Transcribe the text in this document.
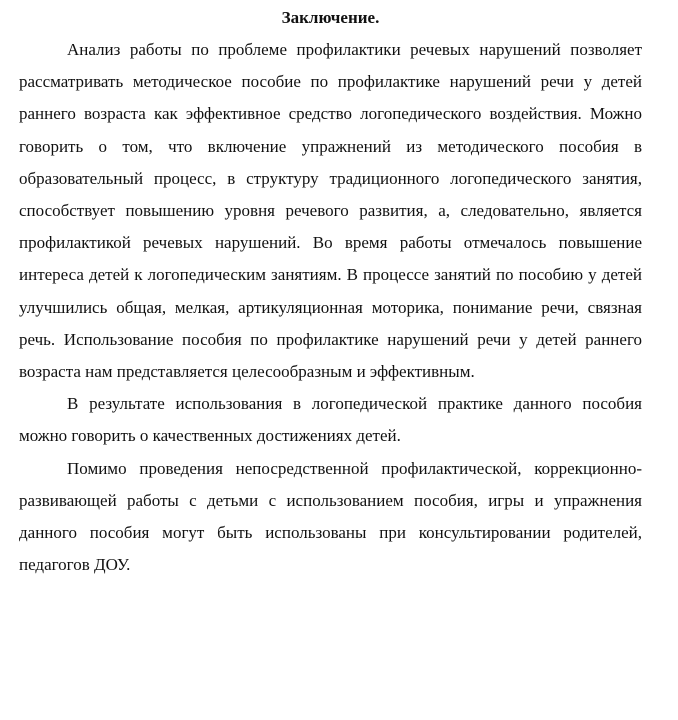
Заключение.

Анализ работы по проблеме профилактики речевых нарушений позволяет рассматривать методическое пособие по профилактике нарушений речи у детей раннего возраста как эффективное средство логопедического воздействия. Можно говорить о том, что включение упражнений из методического пособия в образовательный процесс, в структуру традиционного логопедического занятия, способствует повышению уровня речевого развития, а, следовательно, является профилактикой речевых нарушений. Во время работы отмечалось повышение интереса детей к логопедическим занятиям. В процессе занятий по пособию у детей улучшились общая, мелкая, артикуляционная моторика, понимание речи, связная речь. Использование пособия по профилактике нарушений речи у детей раннего возраста нам представляется целесообразным и эффективным.

В результате использования в логопедической практике данного пособия можно говорить о качественных достижениях детей.

Помимо проведения непосредственной профилактической, коррекционно-развивающей работы с детьми с использованием пособия, игры и упражнения данного пособия могут быть использованы при консультировании родителей, педагогов ДОУ.
